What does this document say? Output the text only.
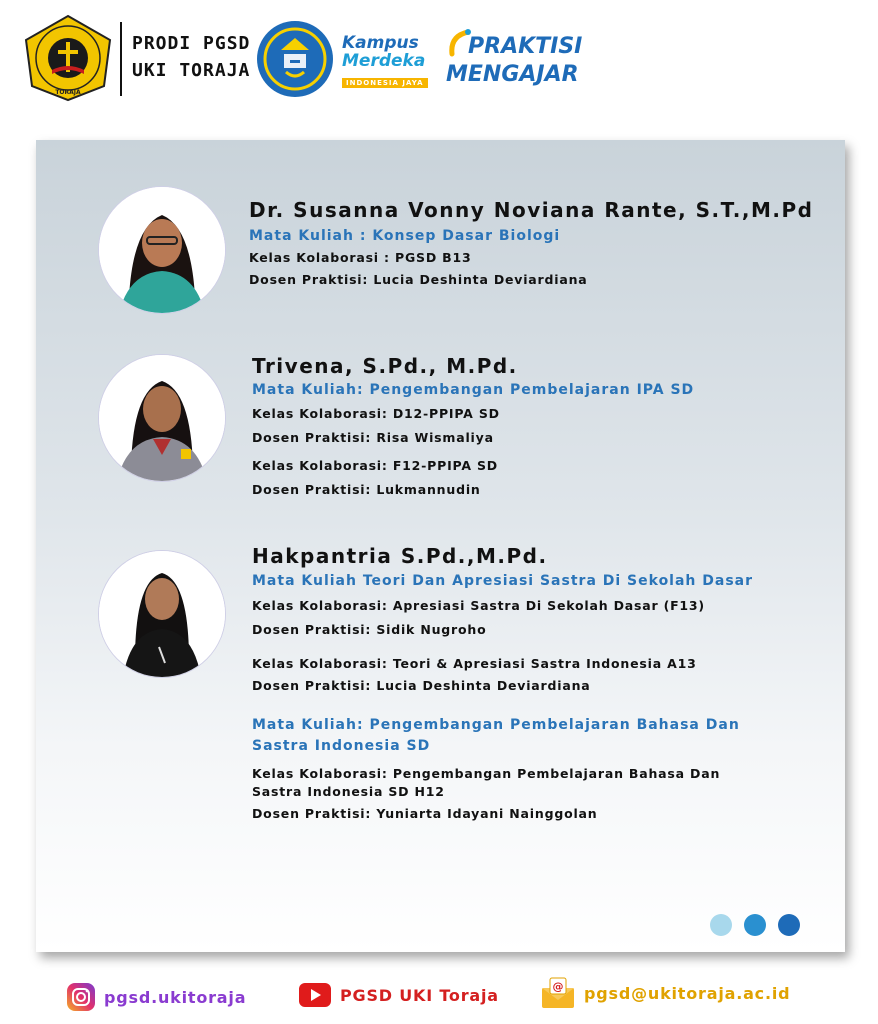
TORAJA
PRODI PGSD
UKI TORAJA
Kampus
Merdeka
INDONESIA JAYA
PRAKTISI
MENGAJAR
Dr. Susanna Vonny Noviana Rante, S.T.,M.Pd
Mata Kuliah : Konsep Dasar Biologi
Kelas Kolaborasi : PGSD B13
Dosen Praktisi: Lucia Deshinta Deviardiana
Trivena, S.Pd., M.Pd.
Mata Kuliah: Pengembangan Pembelajaran IPA SD
Kelas Kolaborasi: D12-PPIPA SD
Dosen Praktisi: Risa Wismaliya
Kelas Kolaborasi: F12-PPIPA SD
Dosen Praktisi: Lukmannudin
Hakpantria S.Pd.,M.Pd.
Mata Kuliah Teori Dan Apresiasi Sastra Di Sekolah Dasar
Kelas Kolaborasi: Apresiasi Sastra Di Sekolah Dasar (F13)
Dosen Praktisi: Sidik Nugroho
Kelas Kolaborasi: Teori & Apresiasi Sastra Indonesia A13
Dosen Praktisi: Lucia Deshinta Deviardiana
Mata Kuliah: Pengembangan Pembelajaran Bahasa Dan
Sastra Indonesia SD
Kelas Kolaborasi: Pengembangan Pembelajaran Bahasa Dan
Sastra Indonesia SD H12
Dosen Praktisi: Yuniarta Idayani Nainggolan
pgsd.ukitoraja	PGSD UKI Toraja	@ pgsd@ukitoraja.ac.id
